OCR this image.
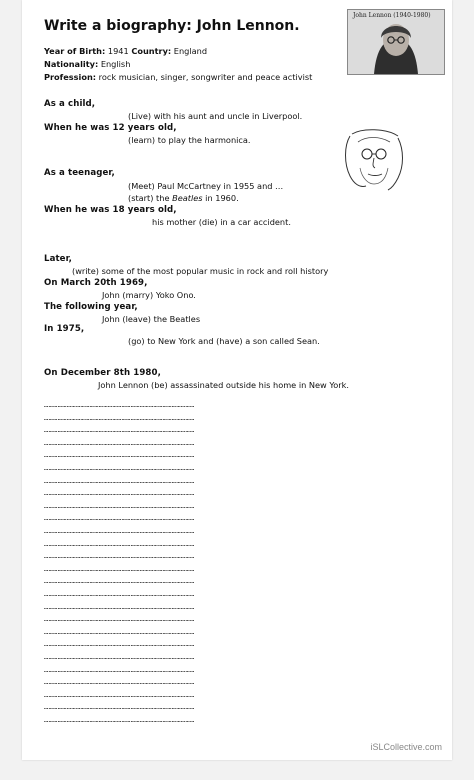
Write a biography: John Lennon.
John Lennon (1940-1980)
Year of Birth: 1941 Country: England
Nationality: English
Profession: rock musician, singer, songwriter and peace activist
As a child,
(Live) with his aunt and uncle in Liverpool.
When he was 12 years old,
(learn) to play the harmonica.
As a teenager,
(Meet) Paul McCartney in 1955 and …
(start) the Beatles in 1960.
When he was 18 years old,
his mother (die) in a car accident.
Later,
(write) some of the most popular music in rock and roll history
On March 20th 1969,
John (marry) Yoko Ono.
The following year,
John (leave) the Beatles
In 1975,
(go) to New York and (have) a son called Sean.
On December 8th 1980,
John Lennon (be) assassinated outside his home in New York.
………………………………………………………………………………………
………………………………………………………………………………………
………………………………………………………………………………………
………………………………………………………………………………………
………………………………………………………………………………………
………………………………………………………………………………………
………………………………………………………………………………………
………………………………………………………………………………………
………………………………………………………………………………………
………………………………………………………………………………………
………………………………………………………………………………………
………………………………………………………………………………………
………………………………………………………………………………………
………………………………………………………………………………………
………………………………………………………………………………………
………………………………………………………………………………………
………………………………………………………………………………………
………………………………………………………………………………………
………………………………………………………………………………………
………………………………………………………………………………………
………………………………………………………………………………………
………………………………………………………………………………………
………………………………………………………………………………………
………………………………………………………………………………………
………………………………………………………………………………………
………………………………………………………………………………………
iSLCollective.com
